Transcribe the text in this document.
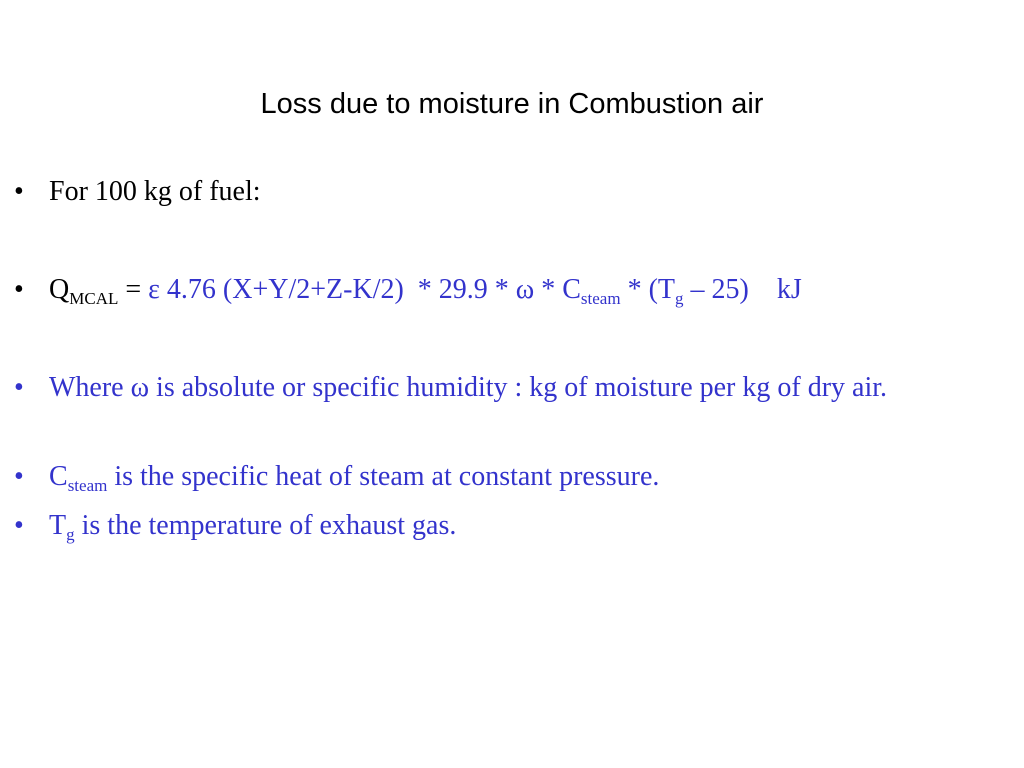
Loss due to moisture in Combustion air
• For 100 kg of fuel:
• $Q_{MCAL} = \varepsilon$ 4.76 $(X+Y/2+Z-K/2) * 29.9 * \omega * C_{steam} * (T_g - 25)$    kJ
• Where ω is absolute or specific humidity : kg of moisture per kg of dry air.
• $C_{steam}$ is the specific heat of steam at constant pressure.
• $T_g$ is the temperature of exhaust gas.
